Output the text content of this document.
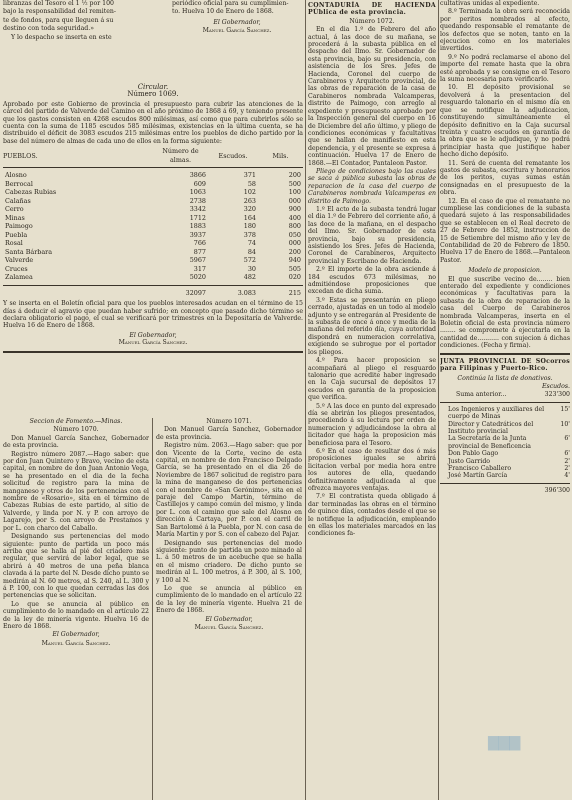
libranzas del Tesoro el 1 ½ por 100

bajo la responsabilidad del remiten-

te de fondos, para que lleguen á su

destino con toda seguridad.»

Y lo despacho se inserta en este

periódico oficial para su cumplimien-

to. Huelva 10 de Enero de 1868.

El Gobernador,

Manuel García Sanchez.

Circular.

Número 1069.

Aprobado por este Gobierno de provincia el presupuesto para cubrir las atenciones de la cárcel del partido de Valverde del Camino en el año próximo de 1868 á 69, y teniendo presente que los gastos consisten en 4268 escudos 800 milésimas, así como que para cubrirlos sólo se cuenta con la suma de 1185 escudos 585 milésimas, existencias en la última cuenta, se ha distribuido el déficit de 3083 escudos 215 milésimas entre los pueblos de dicho partido por la base del número de almas de cada uno de ellos en la forma siguiente:

PUEBLOS.	Número de almas.	Escudos.	Mils.
Alosno	3866	371	200
Berrocal	609	58	500
Cabezas Rubias	1063	102	100
Calañas	2738	263	000
Cerro	3342	320	900
Minas	1712	164	400
Paimogo	1883	180	800
Puebla	3937	378	050
Rosal	766	74	000
Santa Bárbara	877	84	200
Valverde	5967	572	940
Cruces	317	30	505
Zalamea	5020	482	020
	32097	3.083	215

Y se inserta en el Boletín oficial para que los pueblos interesados acudan en el término de 15 días á deducir el agravio que puedan haber sufrido; en concepto que pasado dicho término se declara obligatorio el pago, el cual se verificará por trimestres en la Depositaría de Valverde. Huelva 16 de Enero de 1868.

El Gobernador,

Manuel García Sanchez.

Seccion de Fomento.—Minas.

Número 1070.

Don Manuel García Sanchez, Gobernador de esta provincia.

Registro número 2087.—Hago saber: que por don Juan Quintero y Bravo, vecino de esta capital, en nombre de don Juan Antonio Vega, se ha presentado en el dia de la fecha solicitud de registro para la mina de manganeso y otros de los pertenencias con el nombre de «Rosario», sita en el término de Cabezas Rubias de este partido, al sitio de Valverde, y linda por N. y P. con arroyo de Lagarejo, por S. con arroyo de Prestamos y por L. con charco del Caballo.

Designando sus pertenencias del modo siguiente: punto de partida un poco más arriba que se halla al pié del criadero más regular, que servirá de labor legal, que se abrirá á 40 metros de una peña blanca clavada á la parte del N. Desde dicho punto se medirán al N. 60 metros, al S. 240, al L. 300 y á P. 100, con lo que quedan cerradas las dos pertenencias que se solicitan.

Lo que se anuncia al público en cumplimiento de lo mandado en el artículo 22 de la ley de minería vigente. Huelva 16 de Enero de 1868.

El Gobernador,

Manuel García Sanchez.

Número 1071.

Don Manuel García Sanchez, Gobernador de esta provincia.

Registro núm. 2063.—Hago saber: que por don Vicente de la Corte, vecino de esta capital, en nombre de don Francisco Delgado García, se ha presentado en el dia 26 de Noviembre de 1867 solicitud de registro para la mina de manganeso de dos pertenencias con el nombre de «San Gerónimo», sita en el paraje del Campo Martin, término de Castillejos y campo común del mismo, y linda por L. con el camino que sale del Alosno en dirección á Cartaya, por P. con el carril de San Bartolomé á la Puebla, por N. con casa de María Martin y por S. con el cabezo del Pajar.

Designando sus pertenencias del modo siguiente: punto de partida un pozo minado al L. á 50 metros de un acebuche que se halla en el mismo criadero. De dicho punto se medirán al L. 100 metros, á P. 300, al S. 100, y 100 al N.

Lo que se anuncia al público en cumplimiento de lo mandado en el artículo 22 de la ley de minería vigente. Huelva 21 de Enero de 1868.

El Gobernador,

Manuel García Sanchez.

CONTADURÍA DE HACIENDA PÚblica de esta provincia.

Número 1072.

En el dia 1.º de Febrero del año actual, á las doce de su mañana, se procederá á la subasta pública en el despacho del Ilmo. Sr. Gobernador de esta provincia, bajo su presidencia, con asistencia de los Sres. Jefes de Hacienda, Coronel del cuerpo de Carabineros y Arquitecto provincial, de las obras de reparación de la casa de Carabineros nombrada Valcamperas, distrito de Paimogo, con arreglo al expediente y presupuesto aprobado por la Inspección general del cuerpo en 16 de Diciembre del año último, y pliego de condiciones económicas y facultativas que se hallan de manifiesto en esta dependencia, y el presente se expresa á continuación. Huelva 17 de Enero de 1868.—El Contador, Pantaleon Pastor.

Pliego de condiciones bajo las cuales se saca á pública subasta las obras de reparacion de la casa del cuerpo de Carabineros nombrada Valcamperas en distrito de Paimogo.

1.º El acto de la subasta tendrá lugar el dia 1.º de Febrero del corriente año, á las doce de la mañana, en el despacho del Ilmo. Sr. Gobernador de esta provincia, bajo su presidencia, asistiendo los Sres. Jefes de Hacienda, Coronel de Carabineros, Arquitecto provincial y Escribano de Hacienda.

2.º El importe de la obra asciende á 184 escudos 673 milésimas, no admitiéndose proposiciones que excedan de dicha suma.

3.º Estas se presentarán en pliego cerrado, ajustadas en un todo al modelo adjunto y se entregarán al Presidente de la subasta de once á once y media de la mañana del referido día, cuya autoridad dispondrá en numeracion correlativa, exigiendo se subrogue por el portador los pliegos.

4.º Para hacer proposicion se acompañará al pliego el resguardo talonario que acredite haber ingresado en la Caja sucursal de depósitos 17 escudos en garantía de la proposicion que verifica.

5.º A las doce en punto del expresado día se abrirán los pliegos presentados, procediendo á su lectura por orden de numeracion y adjudicándose la obra al licitador que haga la proposicion más beneficiosa para el Tesoro.

6.º En el caso de resultar dos ó más proposiciones iguales se abrirá licitacion verbal por media hora entre los autores de ella, quedando definitivamente adjudicada al que ofrezca mayores ventajas.

7.º El contratista queda obligado á dar terminadas las obras en el término de quince días, contados desde el que se le notifique la adjudicación, empleando en ellas los materiales marcados en las condiciones fa-

cultativas unidas al expediente.

8.º Terminada la obra será reconocida por peritos nombrados al efecto, quedando responsable el rematante de los defectos que se noten, tanto en la ejecucion como en los materiales invertidos.

9.º No podrá reclamarse el abono del importe del remate hasta que la obra esté aprobada y se consigne en el Tesoro la suma necesaria para verificarlo.

10. El depósito provisional se devolverá á la presentacion del resguardo talonario en el mismo día en que se notifique la adjudicacion, constituyendo simultáneamente el depósito definitivo en la Caja sucursal treinta y cuatro escudos en garantía de la obra que se le adjudique, y no podrá principiar hasta que justifique haber hecho dicho depósito.

11. Será de cuenta del rematante los gastos de subasta, escritura y honorarios de los peritos, cuyas sumas están consignadas en el presupuesto de la obra.

12. En el caso de que el rematante no cumpliese las condiciones de la subasta quedará sujeto á las responsabilidades que se establecen en el Real decreto de 27 de Febrero de 1852, instruccion de 15 de Setiembre del mismo año y ley de Contabilidad de 20 de Febrero de 1850. Huelva 17 de Enero de 1868.—Pantaleon Pastor.

Modelo de proposicion.

El que suscribe vecino de........ bien enterado del expediente y condiciones económicas y facultativas para la subasta de la obra de reparacion de la casa del Cuerpo de Carabineros nombrada Valcamperas, inserta en el Boletin oficial de esta provincia número ........ se compromete á ejecutarla en la cantidad de........... con sujecion á dichas condiciones. (Fecha y firma).

JUNTA PROVINCIAL DE SOcorros para Filipinas y Puerto-Rico.

Continúa la lista de donativos.

Escudos.

Suma anterior...	323'300
Los Ingenieros y auxiliares del cuerpo de Minas
15'
Director y Catedráticos del Instituto provincial
10'
La Secretaría de la Junta provincial de Beneficencia
6'
Don Pablo Gago	6'
Justo Garrido	2'
Francisco Caballero	2'
José Martín García	4'

396'300

▇▇▇
